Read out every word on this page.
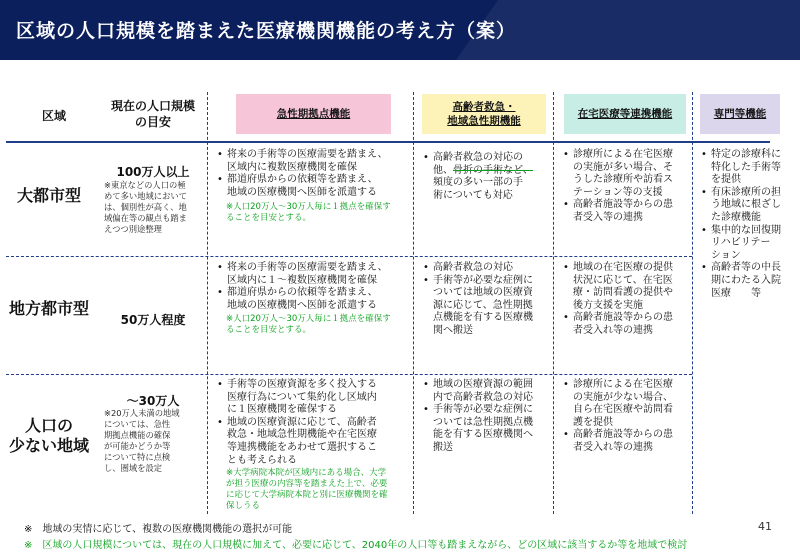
区域の人口規模を踏まえた医療機関機能の考え方（案）
区域
現在の人口規模
の目安
急性期拠点機能
高齢者救急・
地域急性期機能
在宅医療等連携機能	専門等機能
大都市型
100万人以上
※東京などの人口の極
めて多い地域において
は、個別性が高く、地
域偏在等の観点も踏ま
えつつ別途整理
• 将来の手術等の医療需要を踏まえ、
区域内に複数医療機関を確保
• 都道府県からの依頼等を踏まえ、
地域の医療機関へ医師を派遣する
※人口20万人～30万人毎に１拠点を確保す
ることを目安とする。
• 高齢者救急の対応の
他、骨折の手術など、
頻度の多い一部の手
術についても対応
• 診療所による在宅医療
の実施が多い場合、そ
うした診療所や訪看ス
テーション等の支援
• 高齢者施設等からの患
者受入等の連携
地方都市型
50万人程度
• 将来の手術等の医療需要を踏まえ、
区域内に１～複数医療機関を確保
• 都道府県からの依頼等を踏まえ、
地域の医療機関へ医師を派遣する
※人口20万人～30万人毎に１拠点を確保す
ることを目安とする。
• 高齢者救急の対応
• 手術等が必要な症例に
ついては地域の医療資
源に応じて、急性期拠
点機能を有する医療機
関へ搬送
• 地域の在宅医療の提供
状況に応じて、在宅医
療・訪問看護の提供や
後方支援を実施
• 高齢者施設等からの患
者受入れ等の連携
人口の
少ない地域
～30万人
※20万人未満の地域
については、急性
期拠点機能の確保
が可能かどうか等
について特に点検
し、圏域を設定
• 手術等の医療資源を多く投入する
医療行為について集約化し区域内
に１医療機関を確保する
• 地域の医療資源に応じて、高齢者
救急・地域急性期機能や在宅医療
等連携機能をあわせて選択するこ
とも考えられる
※大学病院本院が区域内にある場合、大学
が担う医療の内容等を踏まえた上で、必要
に応じて大学病院本院と別に医療機関を確
保しうる
• 地域の医療資源の範囲
内で高齢者救急の対応
• 手術等が必要な症例に
ついては急性期拠点機
能を有する医療機関へ
搬送
• 診療所による在宅医療
の実施が少ない場合、
自ら在宅医療や訪問看
護を提供
• 高齢者施設等からの患
者受入れ等の連携
• 特定の診療科に
特化した手術等
を提供
• 有床診療所の担
う地域に根ざし
た診療機能
• 集中的な回復期
リハビリテー
ション
• 高齢者等の中長
期にわたる入院
医療　　等
※　地域の実情に応じて、複数の医療機関機能の選択が可能
※　区域の人口規模については、現在の人口規模に加えて、必要に応じて、2040年の人口等も踏まえながら、どの区域に該当するか等を地域で検討
41
